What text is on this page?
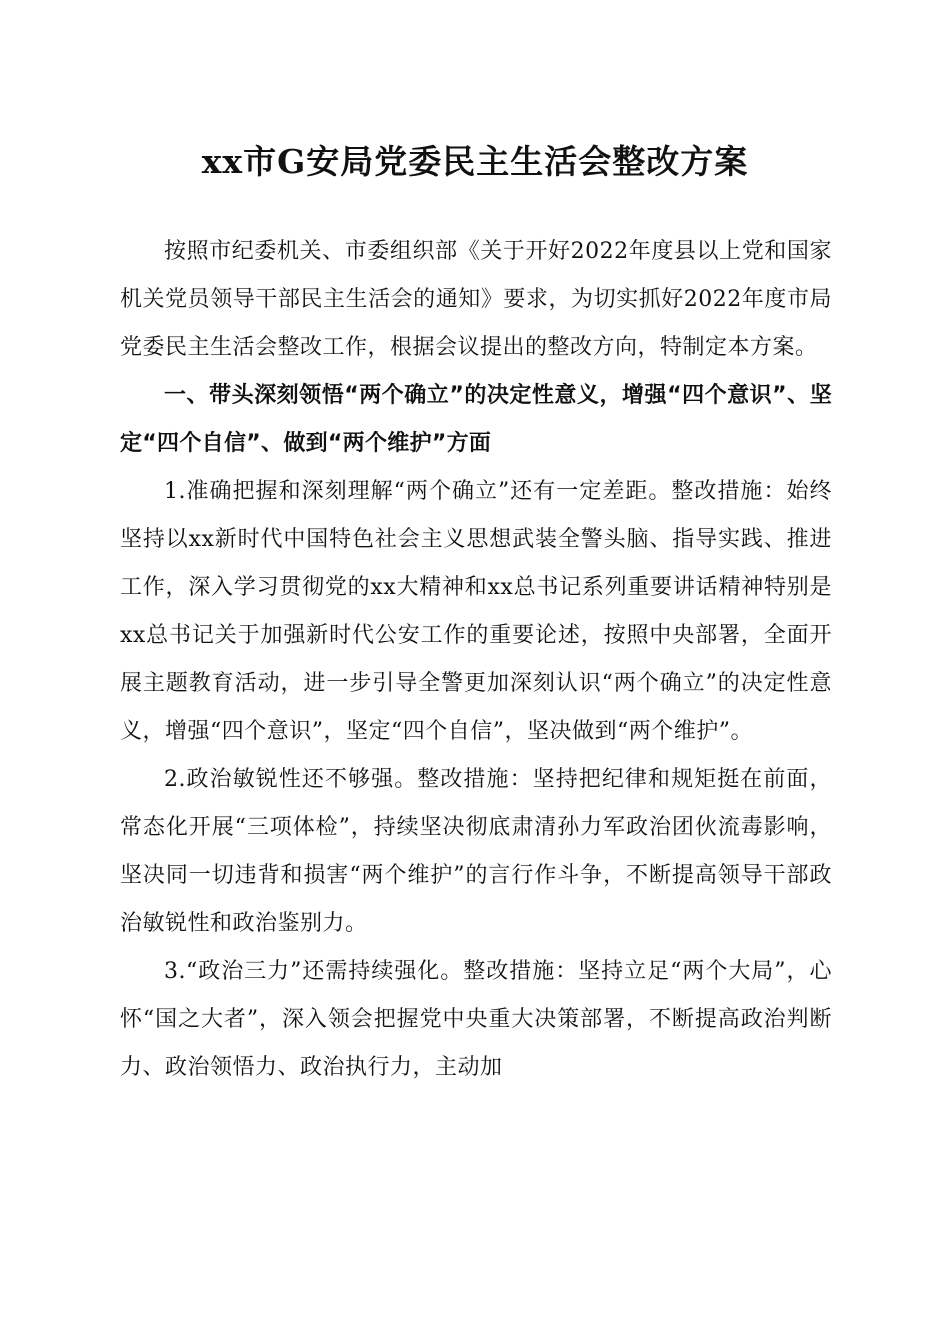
xx市G安局党委民主生活会整改方案

按照市纪委机关、市委组织部《关于开好2022年度县以上党和国家机关党员领导干部民主生活会的通知》要求，为切实抓好2022年度市局党委民主生活会整改工作，根据会议提出的整改方向，特制定本方案。

一、带头深刻领悟“两个确立”的决定性意义，增强“四个意识”、坚定“四个自信”、做到“两个维护”方面

1.准确把握和深刻理解“两个确立”还有一定差距。整改措施：始终坚持以xx新时代中国特色社会主义思想武装全警头脑、指导实践、推进工作，深入学习贯彻党的xx大精神和xx总书记系列重要讲话精神特别是xx总书记关于加强新时代公安工作的重要论述，按照中央部署，全面开展主题教育活动，进一步引导全警更加深刻认识“两个确立”的决定性意义，增强“四个意识”，坚定“四个自信”，坚决做到“两个维护”。

2.政治敏锐性还不够强。整改措施：坚持把纪律和规矩挺在前面，常态化开展“三项体检”，持续坚决彻底肃清孙力军政治团伙流毒影响，坚决同一切违背和损害“两个维护”的言行作斗争，不断提高领导干部政治敏锐性和政治鉴别力。

3.“政治三力”还需持续强化。整改措施：坚持立足“两个大局”，心怀“国之大者”，深入领会把握党中央重大决策部署，不断提高政治判断力、政治领悟力、政治执行力，主动加
